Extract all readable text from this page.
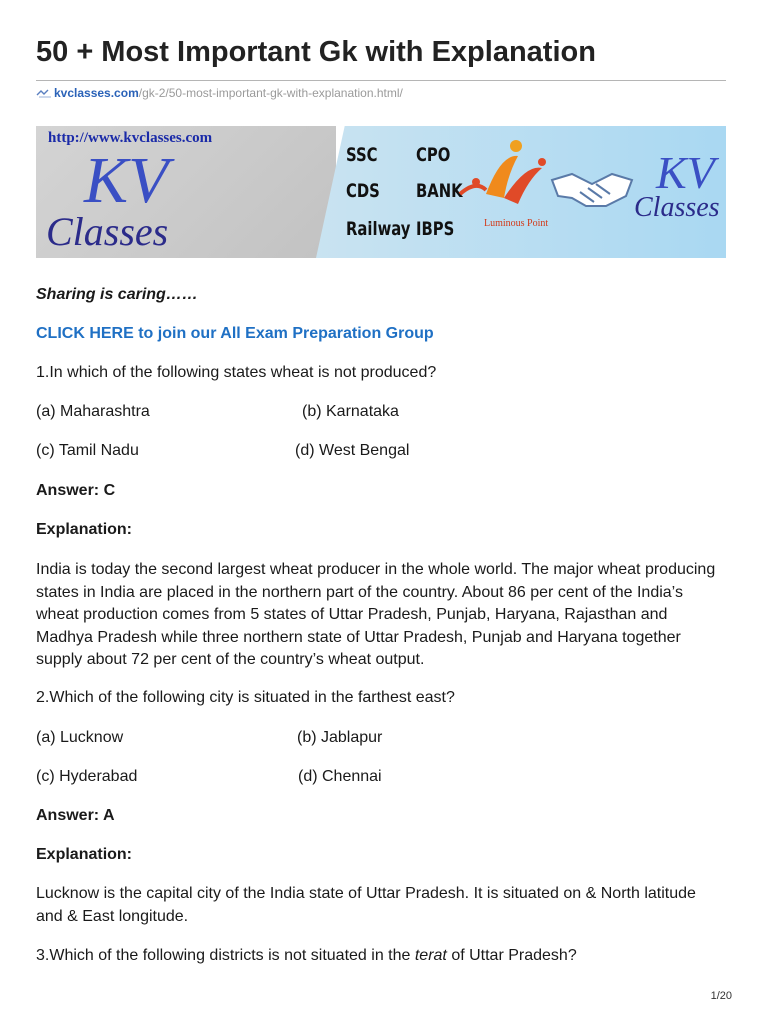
50 + Most Important Gk with Explanation
kvclasses.com/gk-2/50-most-important-gk-with-explanation.html/
http://www.kvclasses.com
KV
Classes
SSC CPO
CDS BANK
Railway IBPS	Luminous Point
KV
Classes
Sharing is caring……
CLICK HERE to join our All Exam Preparation Group
1.In which of the following states wheat is not produced?
(a) Maharashtra	(b) Karnataka
(c) Tamil Nadu	(d) West Bengal
Answer: C
Explanation:

India is today the second largest wheat producer in the whole world. The major wheat producing states in India are placed in the northern part of the country. About 86 per cent of the India’s wheat production comes from 5 states of Uttar Pradesh, Punjab, Haryana, Rajasthan and Madhya Pradesh while three northern state of Uttar Pradesh, Punjab and Haryana together supply about 72 per cent of the country’s wheat output.

2.Which of the following city is situated in the farthest east?
(a) Lucknow	(b) Jablapur
(c) Hyderabad	(d) Chennai
Answer: A
Explanation:

Lucknow is the capital city of the India state of Uttar Pradesh. It is situated on & North latitude and & East longitude.

3.Which of the following districts is not situated in the terat of Uttar Pradesh?
1/20
